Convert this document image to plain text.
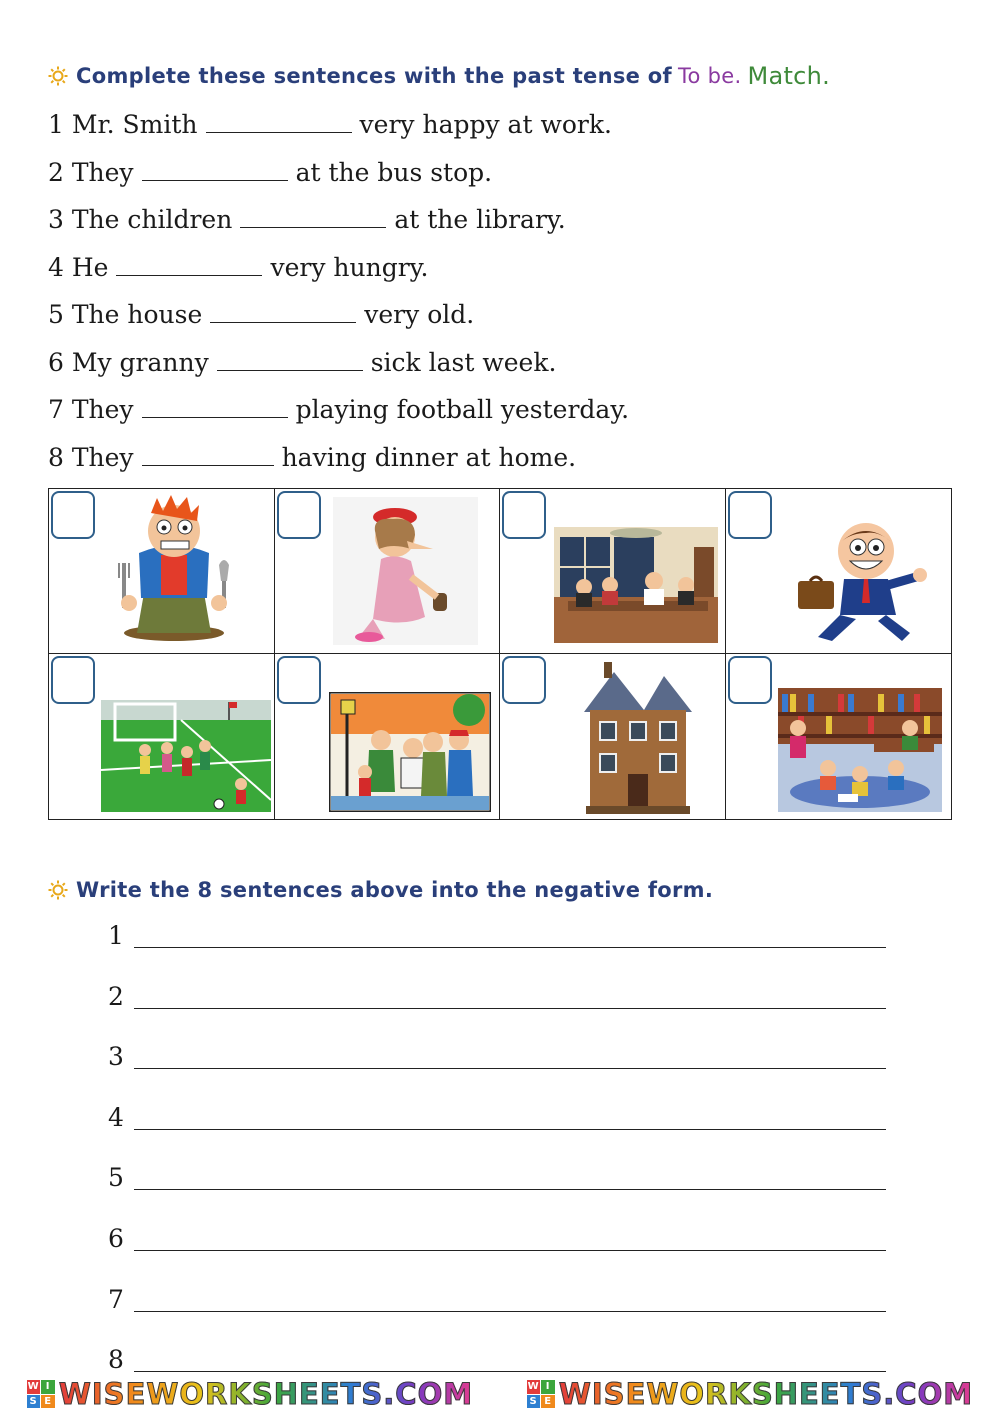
Complete these sentences with the past tense of To be. Match.
1 Mr. Smith	very happy at work.
2 They	at the bus stop.
3 The children	at the library.
4 He	very hungry.
5 The house	very old.
6 My granny	sick last week.
7 They	playing football yesterday.
8 They	having dinner at home.
Write the 8 sentences above into the negative form.
1
2
3
4
5
6
7
8
W I
S E WISEWORKSHEETS.COM	W I
S E WISEWORKSHEETS.COM
